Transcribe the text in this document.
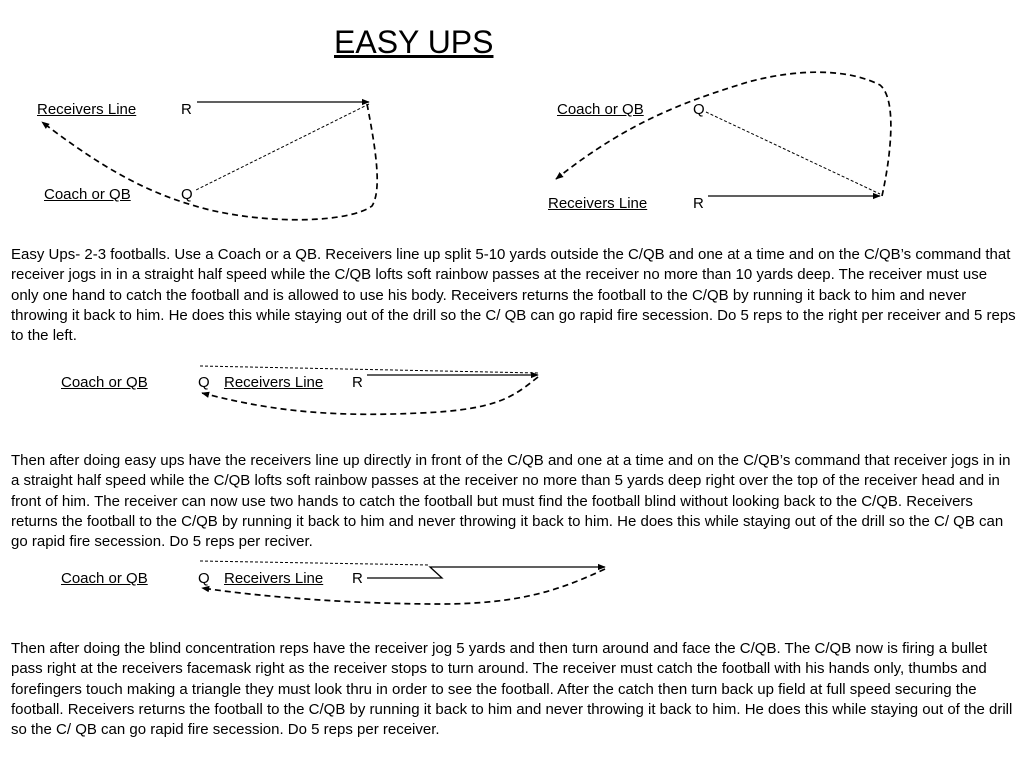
EASY UPS
Receivers Line	R
Coach or QB	Q
Coach or QB	Q
Receivers Line	R
Easy Ups- 2-3 footballs. Use a Coach or a QB. Receivers line up split 5-10 yards outside the C/QB and one at a time and on the C/QB’s command that receiver jogs in in a straight half speed while the C/QB lofts soft rainbow passes at the receiver no more than 10 yards deep. The receiver must use only one hand to catch the football and is allowed to use his body. Receivers returns the football to the C/QB by running it back to him and never throwing it back to him. He does this while staying out of the drill so the C/ QB can go rapid fire secession. Do 5 reps to the right per receiver and 5 reps to the left.
Coach or QB	Q Receivers Line R
Then after doing easy ups have the receivers line up directly in front of the C/QB and one at a time and on the C/QB’s command that receiver jogs in in a straight half speed while the C/QB lofts soft rainbow passes at the receiver no more than 5 yards deep right over the top of the receiver head and in front of him. The receiver can now use two hands to catch the football but must find the football blind without looking back to the C/QB. Receivers returns the football to the C/QB by running it back to him and never throwing it back to him. He does this while staying out of the drill so the C/ QB can go rapid fire secession. Do 5 reps per reciver.
Coach or QB	Q Receivers Line R
Then after doing the blind concentration reps have the receiver jog 5 yards and then turn around and face the C/QB. The C/QB now is firing a bullet pass right at the receivers facemask right as the receiver stops to turn around. The receiver must catch the football with his hands only, thumbs and forefingers touch making a triangle they must look thru in order to see the football. After the catch then turn back up field at full speed securing the football. Receivers returns the football to the C/QB by running it back to him and never throwing it back to him. He does this while staying out of the drill so the C/ QB can go rapid fire secession. Do 5 reps per receiver.
